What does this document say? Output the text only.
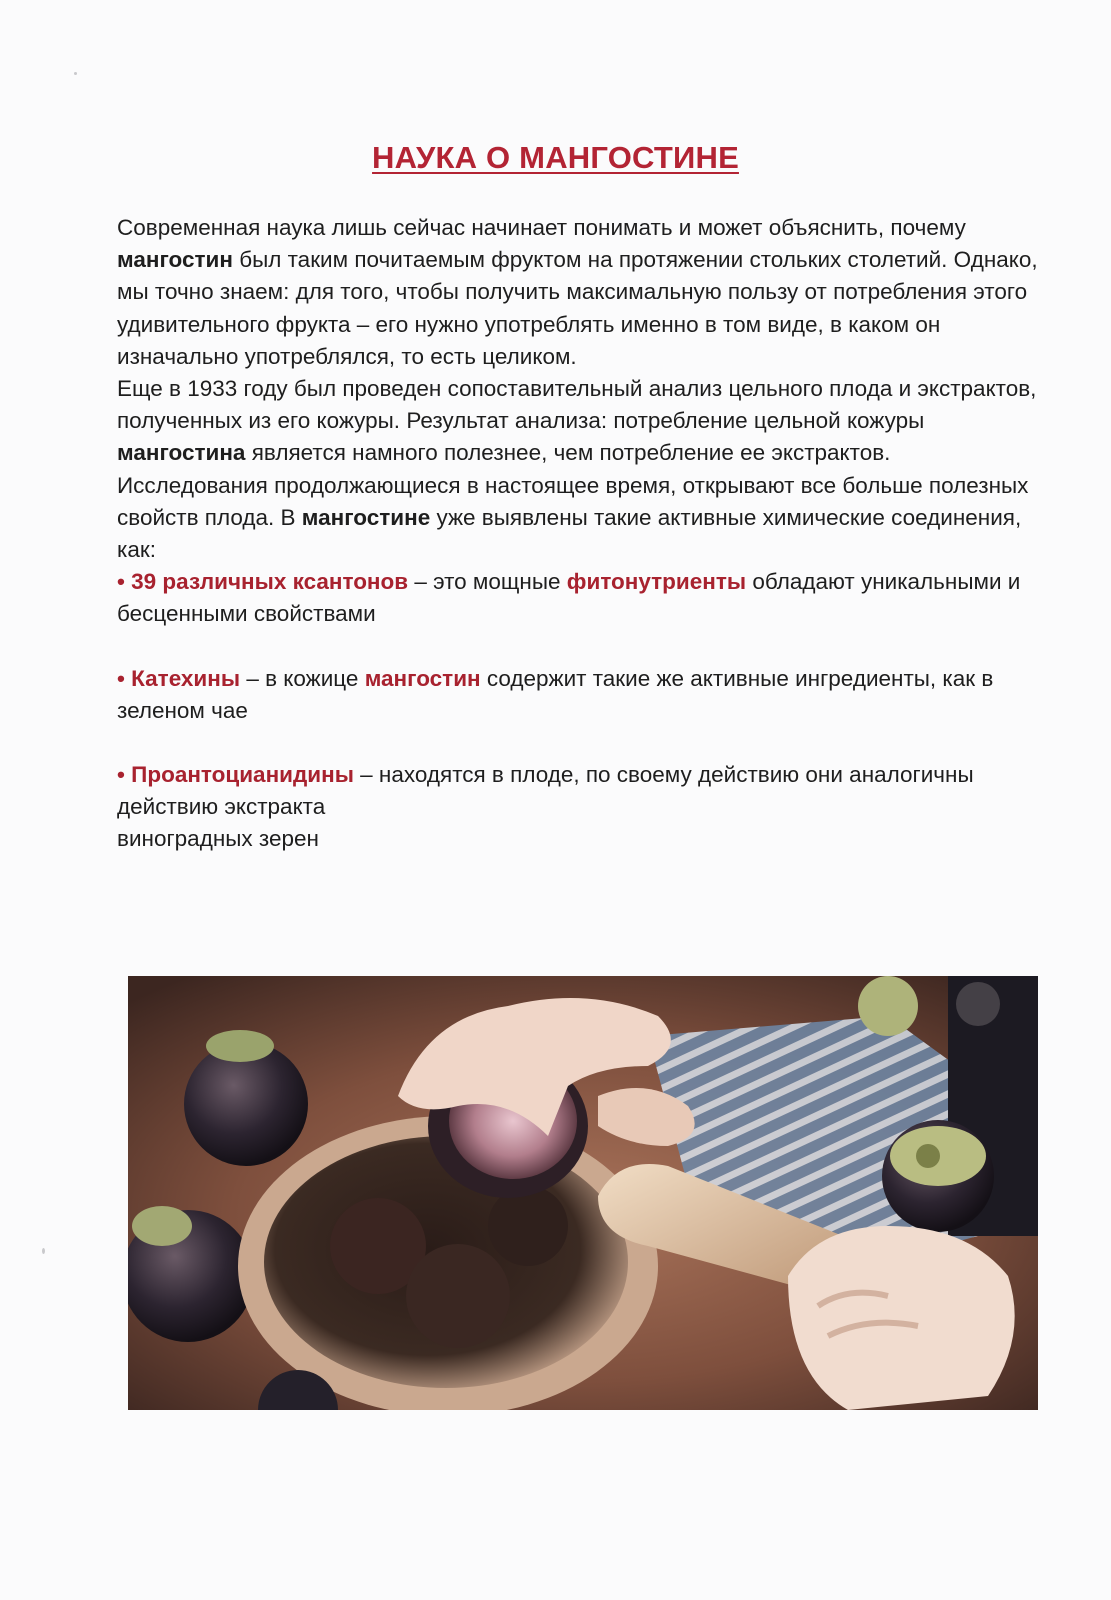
НАУКА О МАНГОСТИНЕ

Современная наука лишь сейчас начинает понимать и может объяснить, почему мангостин был таким почитаемым фруктом на протяжении стольких столетий. Однако, мы точно знаем: для того, чтобы получить максимальную пользу от потребления этого удивительного фрукта – его нужно употреблять именно в том виде, в каком он изначально употреблялся, то есть целиком.

Еще в 1933 году был проведен сопоставительный анализ цельного плода и экстрактов, полученных из его кожуры. Результат анализа: потребление цельной кожуры мангостина является намного полезнее, чем потребление ее экстрактов.

Исследования продолжающиеся в настоящее время, открывают все больше полезных свойств плода. В мангостине уже выявлены такие активные химические соединения, как:

• 39 различных ксантонов – это мощные фитонутриенты обладают уникальными и бесценными свойствами

• Катехины – в кожице мангостин содержит такие же активные ингредиенты, как в зеленом чае

• Проантоцианидины – находятся в плоде, по своему действию они аналогичны действию экстракта
виноградных зерен
